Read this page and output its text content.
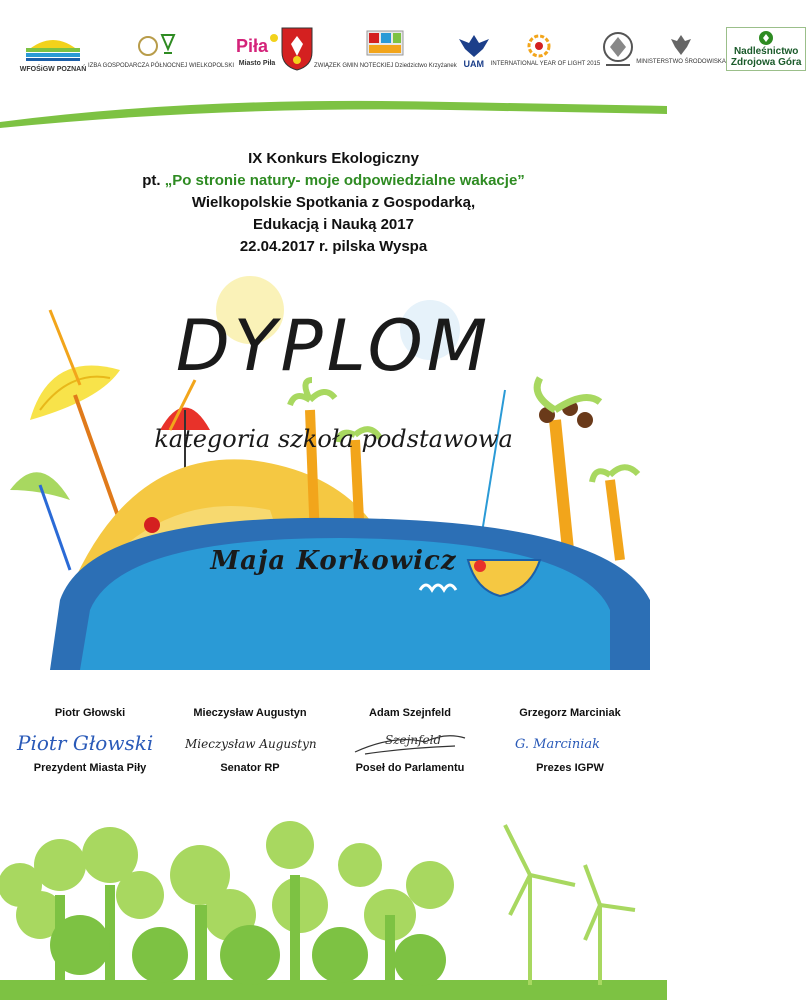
WFOŚiGW POZNAŃ IZBA GOSPODARCZA PÓŁNOCNEJ WIELKOPOLSKI
Piła
Miasto Piła	ZWIĄZEK GMIN NOTECKIEJ Dziedzictwo Krzyżanek UAM INTERNATIONAL YEAR OF LIGHT 2015	MINISTERSTWO ŚRODOWISKA
Nadleśnictwo
Zdrojowa Góra
IX Konkurs Ekologiczny
pt. „Po stronie natury- moje odpowiedzialne wakacje”
Wielkopolskie Spotkania z Gospodarką,
Edukacją i Nauką 2017
22.04.2017 r. pilska Wyspa
DYPLOM
kategoria szkoła podstawowa
Maja Korkowicz
Piotr Głowski
Piotr Głowski
Prezydent Miasta Piły
Mieczysław Augustyn
Mieczysław Augustyn
Senator RP
Adam Szejnfeld
Szejnfeld
Poseł do Parlamentu
Grzegorz Marciniak
G. Marciniak
Prezes IGPW
